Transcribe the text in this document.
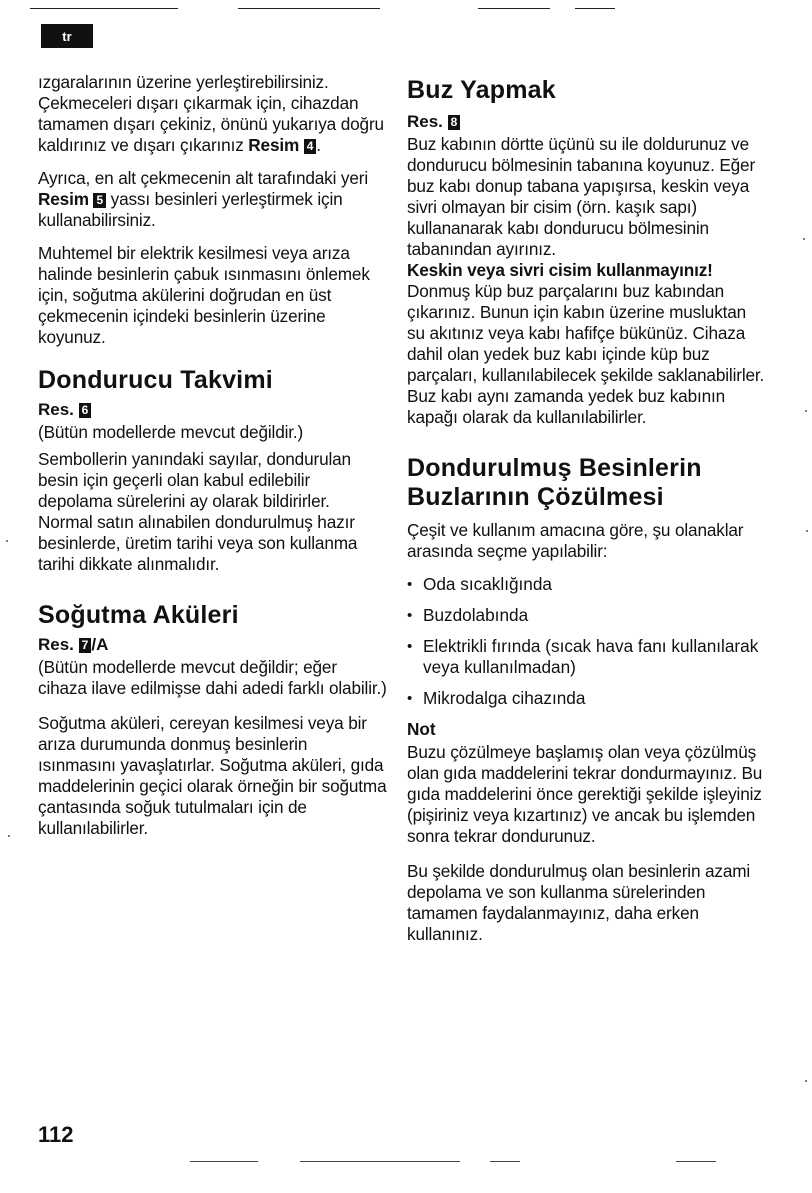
tr

ızgaralarının üzerine yerleştirebilirsiniz. Çekmeceleri dışarı çıkarmak için, cihazdan tamamen dışarı çekiniz, önünü yukarıya doğru kaldırınız ve dışarı çıkarınız Resim 4 .

Ayrıca, en alt çekmecenin alt tarafındaki yeri Resim 5 yassı besinleri yerleştirmek için kullanabilirsiniz.

Muhtemel bir elektrik kesilmesi veya arıza halinde besinlerin çabuk ısınmasını önlemek için, soğutma akülerini doğrudan en üst çekmecenin içindeki besinlerin üzerine koyunuz.

Dondurucu Takvimi
Res. 6

(Bütün modellerde mevcut değildir.)

Sembollerin yanındaki sayılar, dondurulan besin için geçerli olan kabul edilebilir depolama sürelerini ay olarak bildirirler. Normal satın alınabilen dondurulmuş hazır besinlerde, üretim tarihi veya son kullanma tarihi dikkate alınmalıdır.

Soğutma Aküleri
Res. 7 /A

(Bütün modellerde mevcut değildir; eğer cihaza ilave edilmişse dahi adedi farklı olabilir.)

Soğutma aküleri, cereyan kesilmesi veya bir arıza durumunda donmuş besinlerin ısınmasını yavaşlatırlar. Soğutma aküleri, gıda maddelerinin geçici olarak örneğin bir soğutma çantasında soğuk tutulmaları için de kullanılabilirler.

Buz Yapmak
Res. 8

Buz kabının dörtte üçünü su ile doldurunuz ve dondurucu bölmesinin tabanına koyunuz. Eğer buz kabı donup tabana yapışırsa, keskin veya sivri olmayan bir cisim (örn. kaşık sapı) kullananarak kabı dondurucu bölmesinin tabanından ayırınız.

Keskin veya sivri cisim kullanmayınız! Donmuş küp buz parçalarını buz kabından çıkarınız. Bunun için kabın üzerine musluktan su akıtınız veya kabı hafifçe bükünüz. Cihaza dahil olan yedek buz kabı içinde küp buz parçaları, kullanılabilecek şekilde saklanabilirler. Buz kabı aynı zamanda yedek buz kabının kapağı olarak da kullanılabilirler.

Dondurulmuş Besinlerin
Buzlarının Çözülmesi

Çeşit ve kullanım amacına göre, şu olanaklar arasında seçme yapılabilir:

• Oda sıcaklığında
• Buzdolabında
• Elektrikli fırında (sıcak hava fanı kullanılarak veya kullanılmadan)
• Mikrodalga cihazında
Not

Buzu çözülmeye başlamış olan veya çözülmüş olan gıda maddelerini tekrar dondurmayınız. Bu gıda maddelerini önce gerektiği şekilde işleyiniz (pişiriniz veya kızartınız) ve ancak bu işlemden sonra tekrar dondurunuz.

Bu şekilde dondurulmuş olan besinlerin azami depolama ve son kullanma sürelerinden tamamen faydalanmayınız, daha erken kullanınız.

112
